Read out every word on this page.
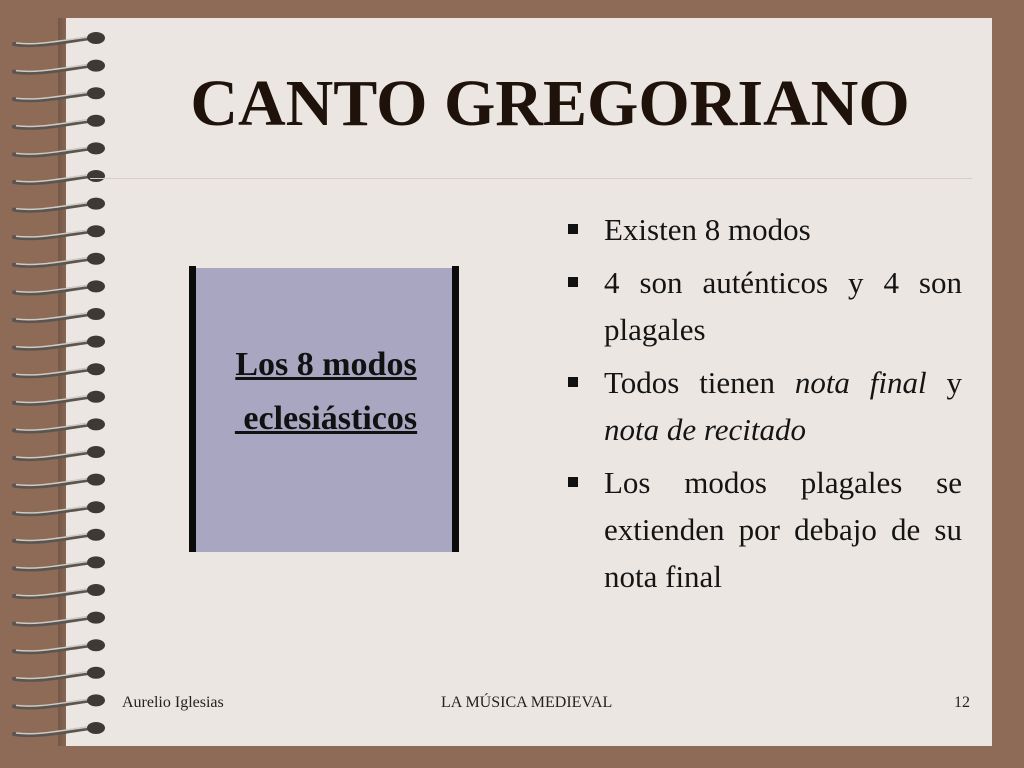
CANTO GREGORIANO
Los 8 modos
eclesiásticos
Existen 8 modos
4 son auténticos y 4 son plagales
Todos tienen nota final y nota de recitado
Los modos plagales se extienden por debajo de su nota final
Aurelio Iglesias	LA MÚSICA MEDIEVAL	12
